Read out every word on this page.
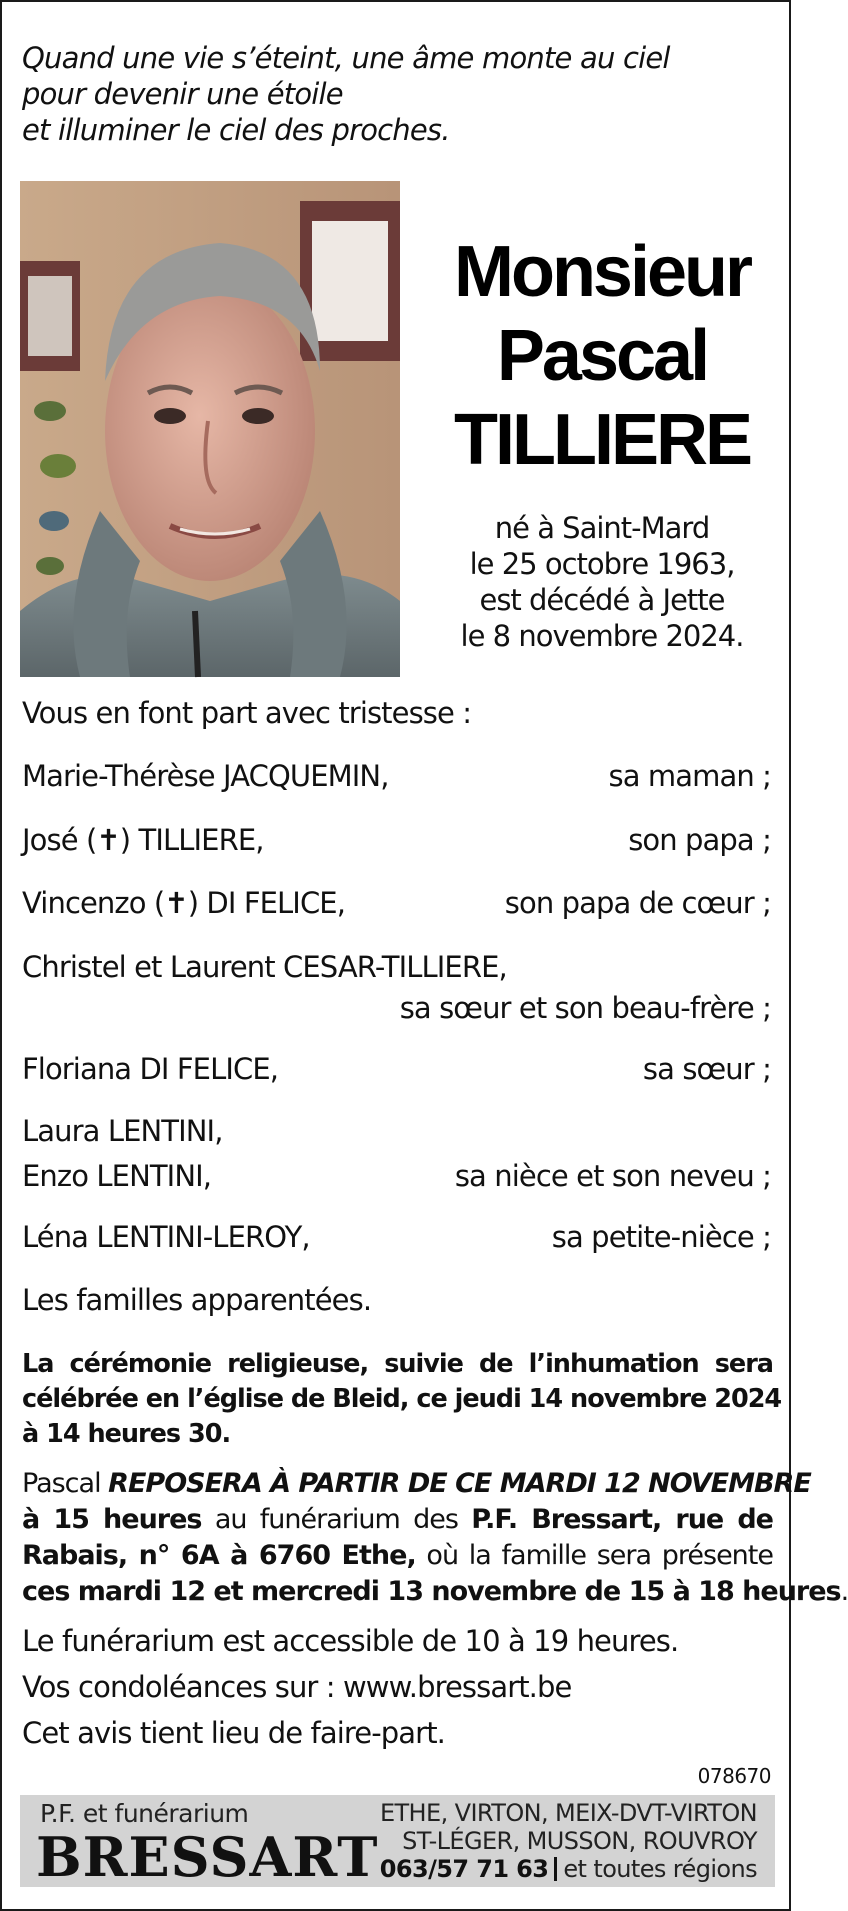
Quand une vie s’éteint, une âme monte au ciel
pour devenir une étoile
et illuminer le ciel des proches.
Monsieur
Pascal
TILLIERE
né à Saint-Mard
le 25 octobre 1963,
est décédé à Jette
le 8 novembre 2024.
Vous en font part avec tristesse :
Marie-Thérèse JACQUEMIN,	sa maman ;
José (✝) TILLIERE,	son papa ;
Vincenzo (✝) DI FELICE,	son papa de cœur ;
Christel et Laurent CESAR-TILLIERE,
sa sœur et son beau-frère ;
Floriana DI FELICE,	sa sœur ;
Laura LENTINI,
Enzo LENTINI,	sa nièce et son neveu ;
Léna LENTINI-LEROY,	sa petite-nièce ;
Les familles apparentées.
La cérémonie religieuse, suivie de l’inhumation sera
célébrée en l’église de Bleid, ce jeudi 14 novembre 2024
à 14 heures 30.
Pascal REPOSERA À PARTIR DE CE MARDI 12 NOVEMBRE
à 15 heures au funérarium des P.F. Bressart, rue de
Rabais, n° 6A à 6760 Ethe, où la famille sera présente
ces mardi 12 et mercredi 13 novembre de 15 à 18 heures.
Le funérarium est accessible de 10 à 19 heures.
Vos condoléances sur : www.bressart.be
Cet avis tient lieu de faire-part.
078670
P.F. et funérarium
BRESSART
ETHE, VIRTON, MEIX-DVT-VIRTON
ST-LÉGER, MUSSON, ROUVROY
063/57 71 63 et toutes régions
